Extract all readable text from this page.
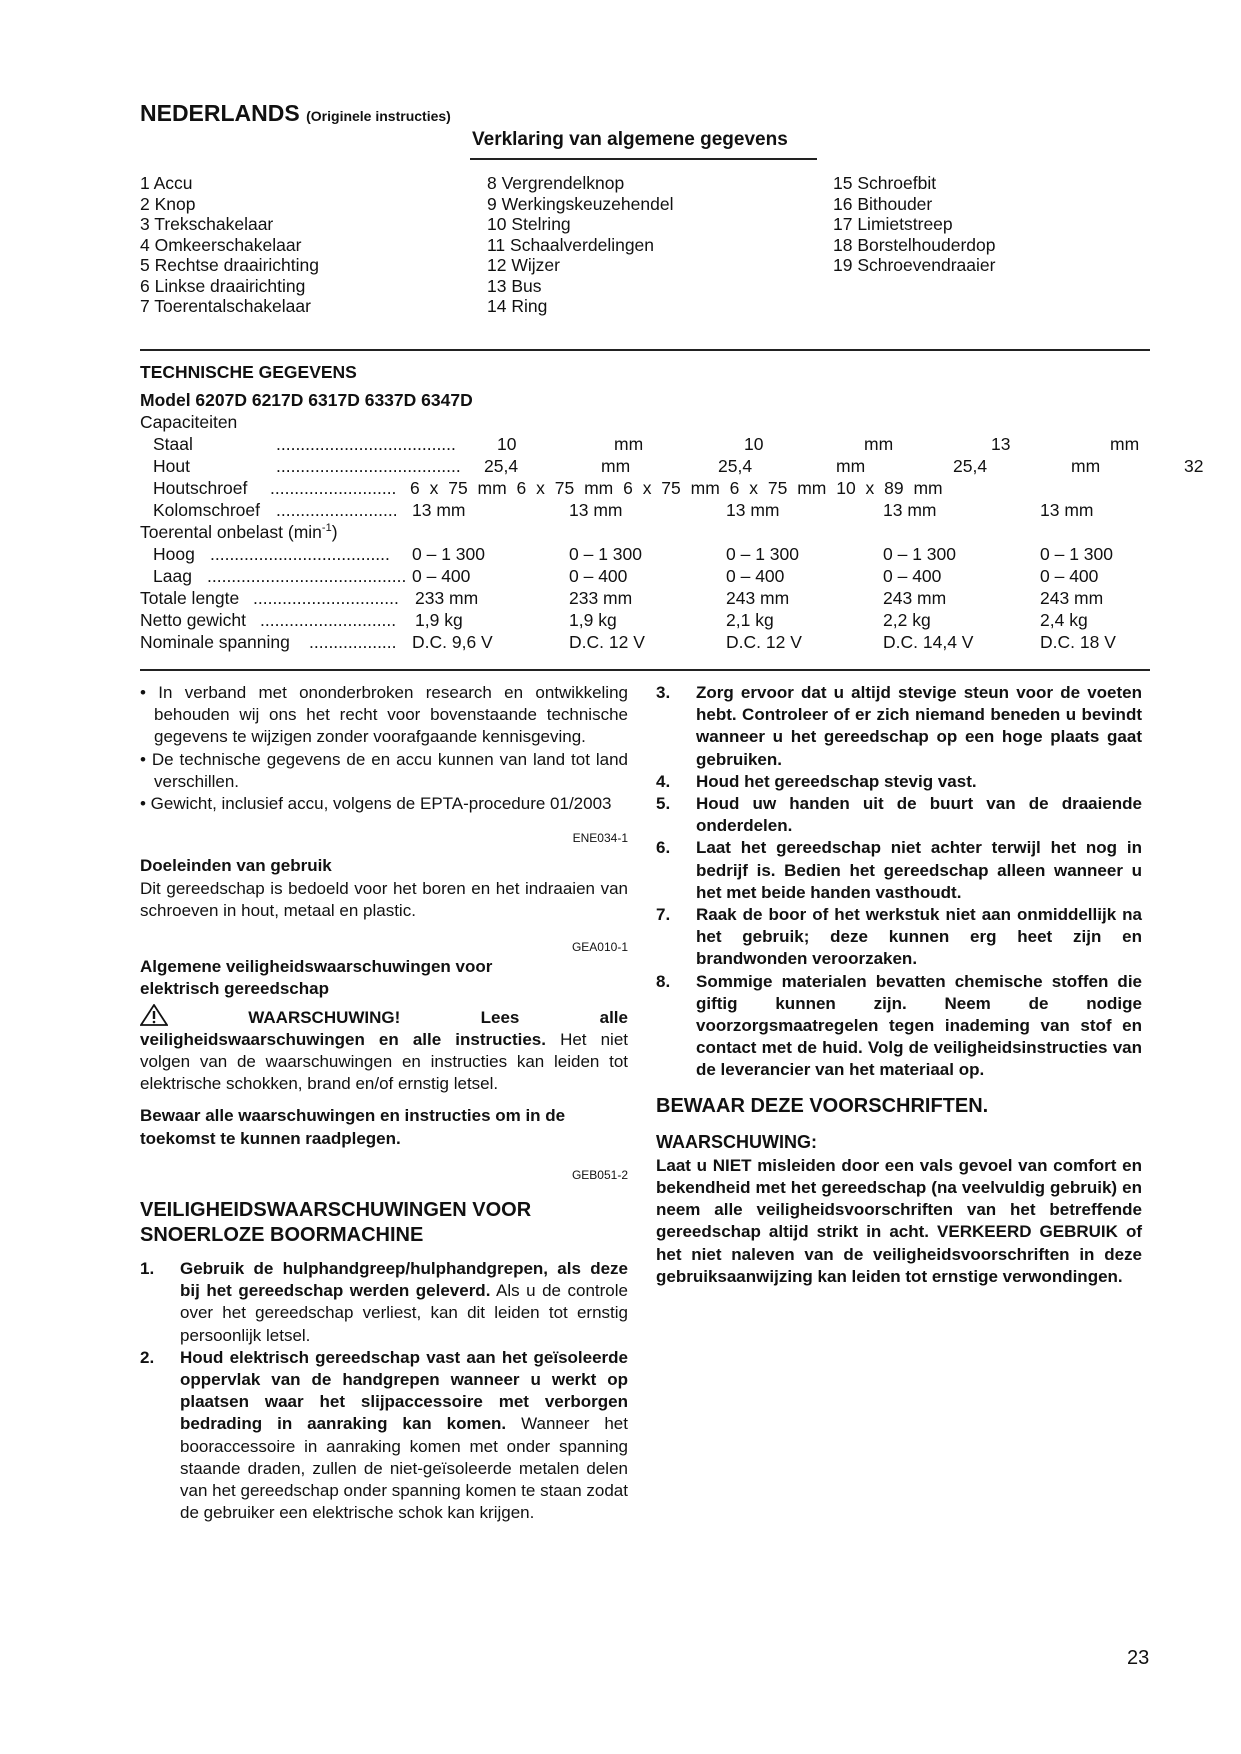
NEDERLANDS (Originele instructies)
Verklaring van algemene gegevens
1 Accu
2 Knop
3 Trekschakelaar
4 Omkeerschakelaar
5 Rechtse draairichting
6 Linkse draairichting
7 Toerentalschakelaar
8 Vergrendelknop
9 Werkingskeuzehendel
10 Stelring
11 Schaalverdelingen
12 Wijzer
13 Bus
14 Ring
15 Schroefbit
16 Bithouder
17 Limietstreep
18 Borstelhouderdop
19 Schroevendraaier
TECHNISCHE GEGEVENS
Model 6207D 6217D 6317D 6337D 6347D
Capaciteiten
Staal	..................................... 10	mm	10	mm	13	mm
Hout	...................................... 25,4	mm	25,4	mm	25,4	mm	32
Houtschroef .......................... 6 x 75 mm 6 x 75 mm 6 x 75 mm 6 x 75 mm 10 x 89 mm
Kolomschroef ......................... 13 mm	13 mm	13 mm	13 mm	13 mm
Toerental onbelast $(\min^{-1})$
Hoog ..................................... 0 – 1 300	0 – 1 300	0 – 1 300	0 – 1 300	0 – 1 300
Laag ......................................... 0 – 400	0 – 400	0 – 400	0 – 400	0 – 400
Totale lengte .............................. 233 mm	233 mm	243 mm	243 mm	243 mm
Netto gewicht ............................ 1,9 kg	1,9 kg	2,1 kg	2,2 kg	2,4 kg
Nominale spanning .................. D.C. 9,6 V	D.C. 12 V	D.C. 12 V	D.C. 14,4 V	D.C. 18 V

• In verband met ononderbroken research en ontwikkeling behouden wij ons het recht voor bovenstaande technische gegevens te wijzigen zonder voorafgaande kennisgeving.

• De technische gegevens de en accu kunnen van land tot land verschillen.

• Gewicht, inclusief accu, volgens de EPTA-procedure 01/2003

ENE034-1
Doeleinden van gebruik
Dit gereedschap is bedoeld voor het boren en het indraaien van schroeven in hout, metaal en plastic.
GEA010-1
Algemene veiligheidswaarschuwingen voor elektrisch gereedschap
WAARSCHUWING! Lees alle veiligheidswaarschuwingen en alle instructies. Het niet volgen van de waarschuwingen en instructies kan leiden tot elektrische schokken, brand en/of ernstig letsel.
Bewaar alle waarschuwingen en instructies om in de toekomst te kunnen raadplegen.
GEB051-2
VEILIGHEIDSWAARSCHUWINGEN VOOR SNOERLOZE BOORMACHINE
1.	Gebruik de hulphandgreep/hulphandgrepen, als deze bij het gereedschap werden geleverd. Als u de controle over het gereedschap verliest, kan dit leiden tot ernstig persoonlijk letsel.
2.	Houd elektrisch gereedschap vast aan het geïsoleerde oppervlak van de handgrepen wanneer u werkt op plaatsen waar het slijpaccessoire met verborgen bedrading in aanraking kan komen. Wanneer het booraccessoire in aanraking komen met onder spanning staande draden, zullen de niet-geïsoleerde metalen delen van het gereedschap onder spanning komen te staan zodat de gebruiker een elektrische schok kan krijgen.
3.	Zorg ervoor dat u altijd stevige steun voor de voeten hebt. Controleer of er zich niemand beneden u bevindt wanneer u het gereedschap op een hoge plaats gaat gebruiken.
4.	Houd het gereedschap stevig vast.
5.	Houd uw handen uit de buurt van de draaiende onderdelen.
6.	Laat het gereedschap niet achter terwijl het nog in bedrijf is. Bedien het gereedschap alleen wanneer u het met beide handen vasthoudt.
7.	Raak de boor of het werkstuk niet aan onmiddellijk na het gebruik; deze kunnen erg heet zijn en brandwonden veroorzaken.
8.	Sommige materialen bevatten chemische stoffen die giftig kunnen zijn. Neem de nodige voorzorgsmaatregelen tegen inademing van stof en contact met de huid. Volg de veiligheidsinstructies van de leverancier van het materiaal op.
BEWAAR DEZE VOORSCHRIFTEN.
WAARSCHUWING:
Laat u NIET misleiden door een vals gevoel van comfort en bekendheid met het gereedschap (na veelvuldig gebruik) en neem alle veiligheidsvoorschriften van het betreffende gereedschap altijd strikt in acht. VERKEERD GEBRUIK of het niet naleven van de veiligheidsvoorschriften in deze gebruiksaanwijzing kan leiden tot ernstige verwondingen.
23
